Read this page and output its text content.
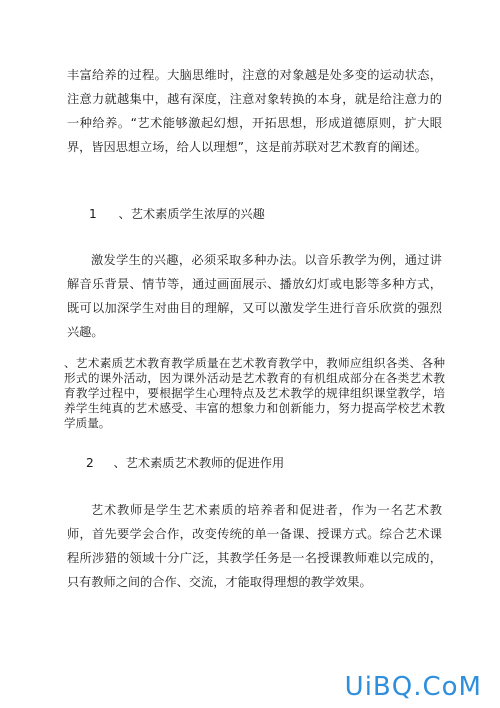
丰富给养的过程。大脑思维时，注意的对象越是处多变的运动状态，注意力就越集中，越有深度，注意对象转换的本身，就是给注意力的一种给养。“艺术能够激起幻想，开拓思想，形成道德原则，扩大眼界，皆因思想立场，给人以理想”，这是前苏联对艺术教育的阐述。

1 、艺术素质学生浓厚的兴趣

激发学生的兴趣，必须采取多种办法。以音乐教学为例，通过讲解音乐背景、情节等，通过画面展示、播放幻灯或电影等多种方式，既可以加深学生对曲目的理解，又可以激发学生进行音乐欣赏的强烈兴趣。

、艺术素质艺术教育教学质量在艺术教育教学中，教师应组织各类、各种形式的课外活动，因为课外活动是艺术教育的有机组成部分在各类艺术教育教学过程中，要根据学生心理特点及艺术教学的规律组织课堂教学，培养学生纯真的艺术感受、丰富的想象力和创新能力，努力提高学校艺术教学质量。

2 、艺术素质艺术教师的促进作用

艺术教师是学生艺术素质的培养者和促进者，作为一名艺术教师，首先要学会合作，改变传统的单一备课、授课方式。综合艺术课程所涉猎的领域十分广泛，其教学任务是一名授课教师难以完成的，只有教师之间的合作、交流，才能取得理想的教学效果。

UiBQ.CoM
